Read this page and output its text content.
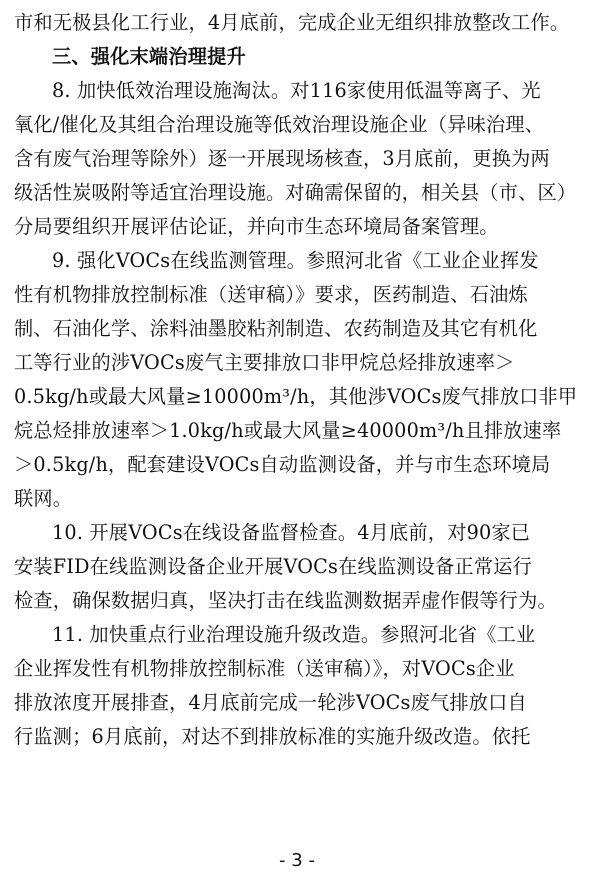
市和无极县化工行业，4月底前，完成企业无组织排放整改工作。
三、强化末端治理提升
8. 加快低效治理设施淘汰。对116家使用低温等离子、光
氧化/催化及其组合治理设施等低效治理设施企业（异味治理、
含有废气治理等除外）逐一开展现场核查，3月底前，更换为两
级活性炭吸附等适宜治理设施。对确需保留的，相关县（市、区）
分局要组织开展评估论证，并向市生态环境局备案管理。
9. 强化VOCs在线监测管理。参照河北省《工业企业挥发
性有机物排放控制标准（送审稿）》要求，医药制造、石油炼
制、石油化学、涂料油墨胶粘剂制造、农药制造及其它有机化
工等行业的涉VOCs废气主要排放口非甲烷总烃排放速率＞
0.5kg/h或最大风量≥10000m³/h，其他涉VOCs废气排放口非甲
烷总烃排放速率＞1.0kg/h或最大风量≥40000m³/h且排放速率
＞0.5kg/h，配套建设VOCs自动监测设备，并与市生态环境局
联网。
10. 开展VOCs在线设备监督检查。4月底前，对90家已
安装FID在线监测设备企业开展VOCs在线监测设备正常运行
检查，确保数据归真，坚决打击在线监测数据弄虚作假等行为。
11. 加快重点行业治理设施升级改造。参照河北省《工业
企业挥发性有机物排放控制标准（送审稿）》，对VOCs企业
排放浓度开展排查，4月底前完成一轮涉VOCs废气排放口自
行监测；6月底前，对达不到排放标准的实施升级改造。依托
- 3 -
